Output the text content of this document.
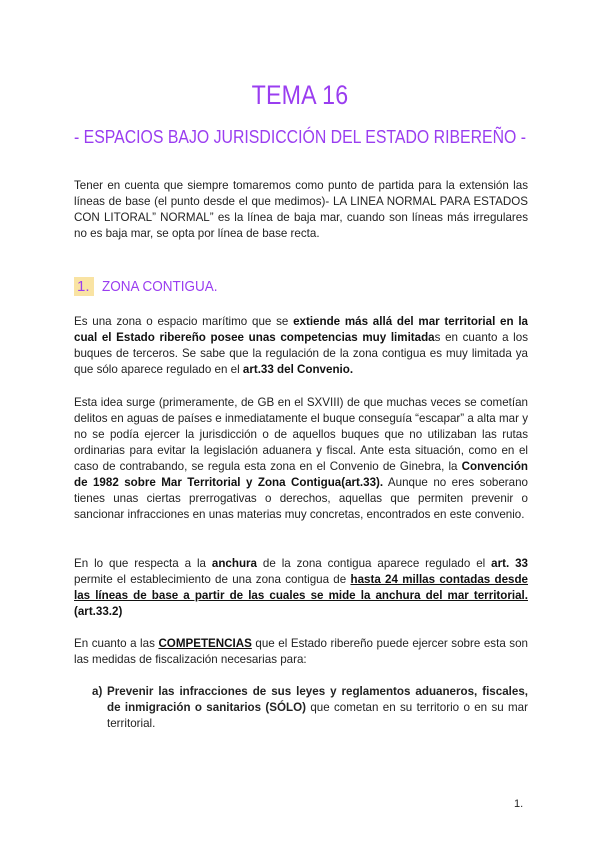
TEMA 16
- ESPACIOS BAJO JURISDICCIÓN DEL ESTADO RIBEREÑO -
Tener en cuenta que siempre tomaremos como punto de partida para la extensión las líneas de base (el punto desde el que medimos)- LA LINEA NORMAL PARA ESTADOS CON LITORAL” NORMAL” es la línea de baja mar, cuando son líneas más irregulares no es baja mar, se opta por línea de base recta.
1. ZONA CONTIGUA.
Es una zona o espacio marítimo que se extiende más allá del mar territorial en la cual el Estado ribereño posee unas competencias muy limitadas en cuanto a los buques de terceros. Se sabe que la regulación de la zona contigua es muy limitada ya que sólo aparece regulado en el art.33 del Convenio.
Esta idea surge (primeramente, de GB en el SXVIII) de que muchas veces se cometían delitos en aguas de países e inmediatamente el buque conseguía “escapar” a alta mar y no se podía ejercer la jurisdicción o de aquellos buques que no utilizaban las rutas ordinarias para evitar la legislación aduanera y fiscal. Ante esta situación, como en el caso de contrabando, se regula esta zona en el Convenio de Ginebra, la Convención de 1982 sobre Mar Territorial y Zona Contigua(art.33). Aunque no eres soberano tienes unas ciertas prerrogativas o derechos, aquellas que permiten prevenir o sancionar infracciones en unas materias muy concretas, encontrados en este convenio.
En lo que respecta a la anchura de la zona contigua aparece regulado el art. 33 permite el establecimiento de una zona contigua de hasta 24 millas contadas desde las líneas de base a partir de las cuales se mide la anchura del mar territorial. (art.33.2)
En cuanto a las COMPETENCIAS que el Estado ribereño puede ejercer sobre esta son las medidas de fiscalización necesarias para:
a) Prevenir las infracciones de sus leyes y reglamentos aduaneros, fiscales, de inmigración o sanitarios (SÓLO) que cometan en su territorio o en su mar territorial.
1.
